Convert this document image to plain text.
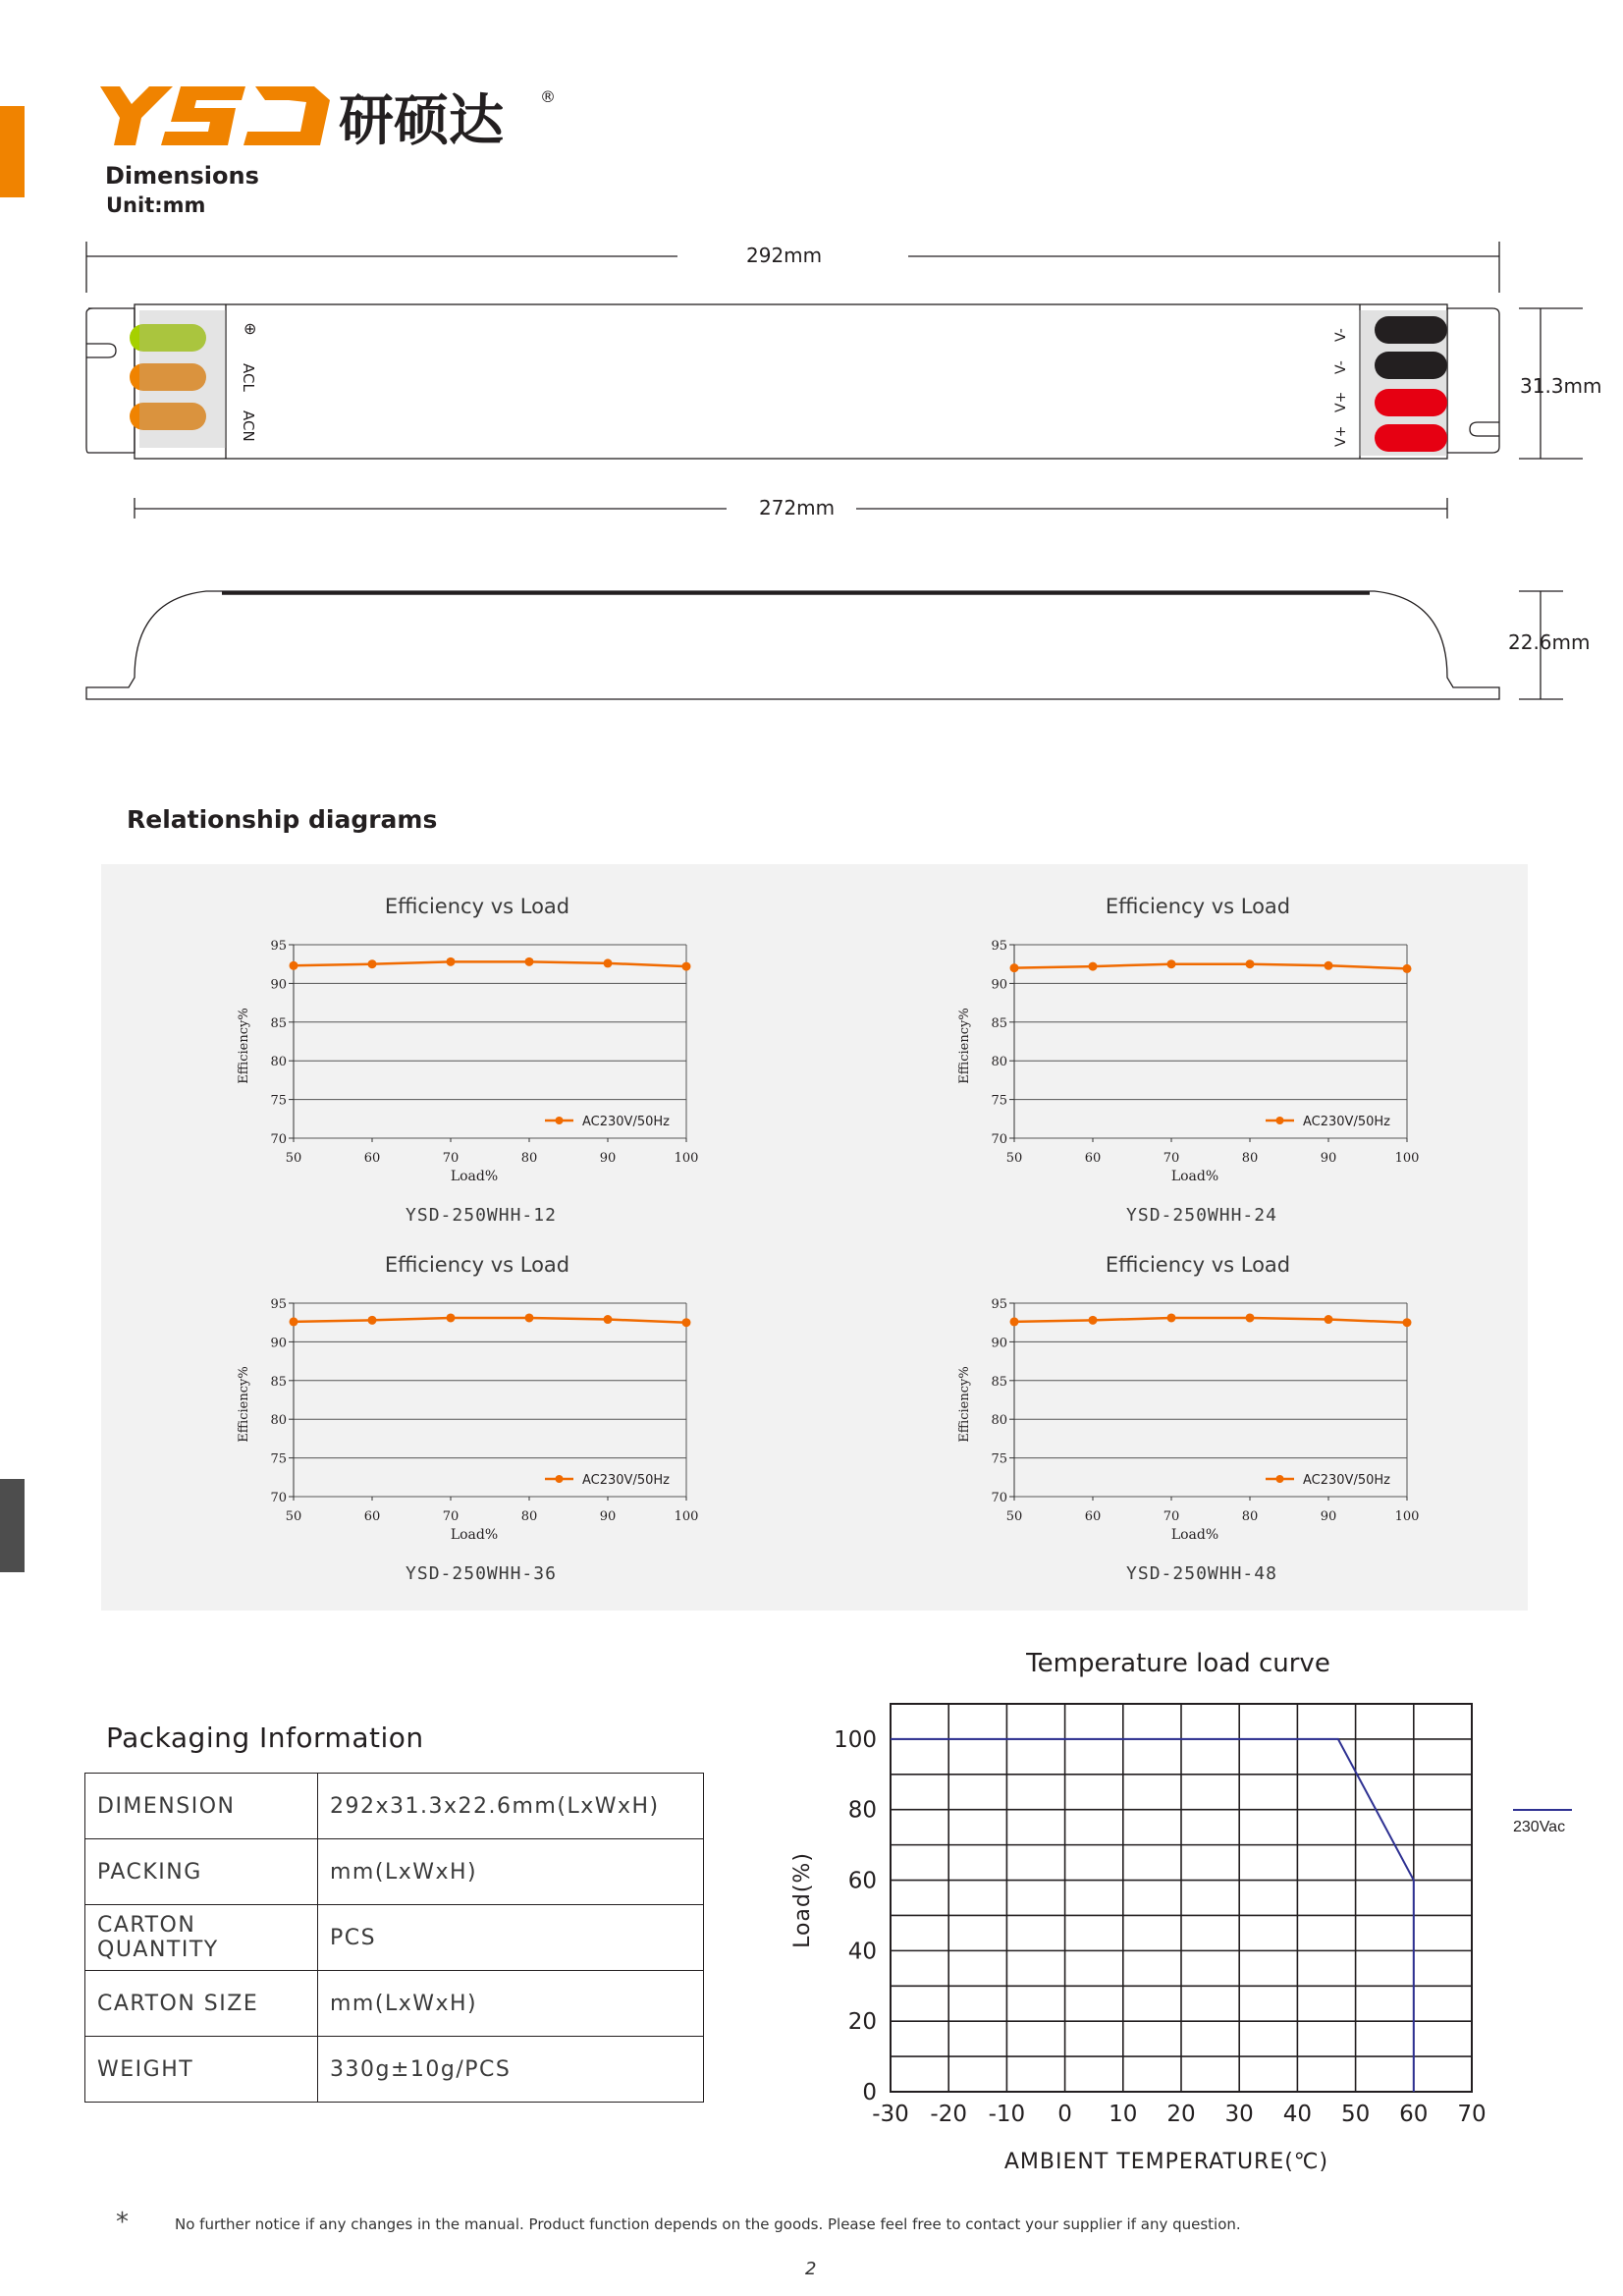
研硕达 ®
Dimensions
Unit:mm
292mm
272mm
31.3mm
22.6mm
⊕
ACL
ACN
V-
V-
V+
V+
Relationship diagrams
Efficiency vs Load
70
75
80
85
90
95
50	60	70	80	90	100
Load%
Efficiency%
AC230V/50Hz
YSD-250WHH-12
Efficiency vs Load
70
75
80
85
90
95
50	60	70	80	90	100
Load%
Efficiency%
AC230V/50Hz
YSD-250WHH-24
Efficiency vs Load
70
75
80
85
90
95
50	60	70	80	90	100
Load%
Efficiency%
AC230V/50Hz
YSD-250WHH-36
Efficiency vs Load
70
75
80
85
90
95
50	60	70	80	90	100
Load%
Efficiency%
AC230V/50Hz
YSD-250WHH-48
Packaging Information
DIMENSION	292x31.3x22.6mm(LxWxH)
PACKING	mm(LxWxH)
CARTON QUANTITY	PCS
CARTON SIZE	mm(LxWxH)
WEIGHT	330g±10g/PCS
Temperature load curve
-30 -20 -10 0 10 20 30 40 50 60 70
0
20
40
60
80
100
AMBIENT TEMPERATURE(℃)
Load(%)
230Vac
*	No further notice if any changes in the manual. Product function depends on the goods. Please feel free to contact your supplier if any question.
2
